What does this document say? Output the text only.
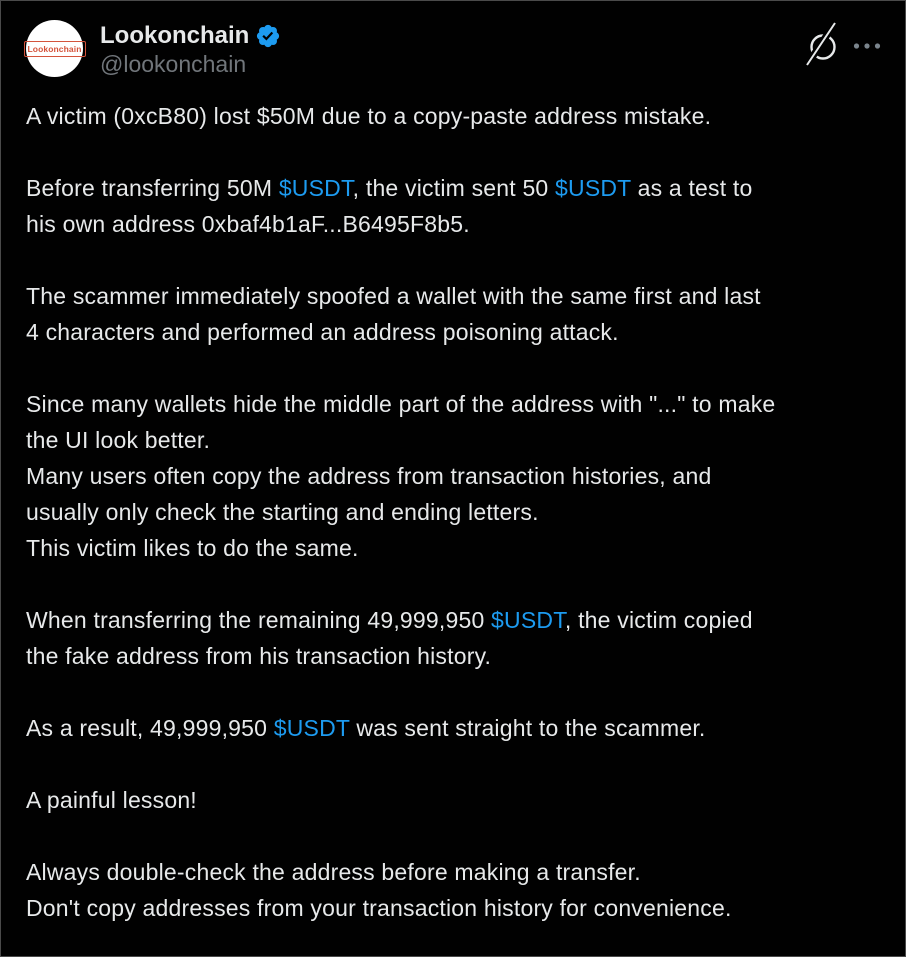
Lookonchain Lookonchain
@lookonchain

A victim (0xcB80) lost $50M due to a copy-paste address mistake.

Before transferring 50M $USDT, the victim sent 50 $USDT as a test to
his own address 0xbaf4b1aF...B6495F8b5.

The scammer immediately spoofed a wallet with the same first and last
4 characters and performed an address poisoning attack.

Since many wallets hide the middle part of the address with "..." to make
the UI look better.
Many users often copy the address from transaction histories, and
usually only check the starting and ending letters.
This victim likes to do the same.

When transferring the remaining 49,999,950 $USDT, the victim copied
the fake address from his transaction history.

As a result, 49,999,950 $USDT was sent straight to the scammer.

A painful lesson!

Always double-check the address before making a transfer.
Don't copy addresses from your transaction history for convenience.
